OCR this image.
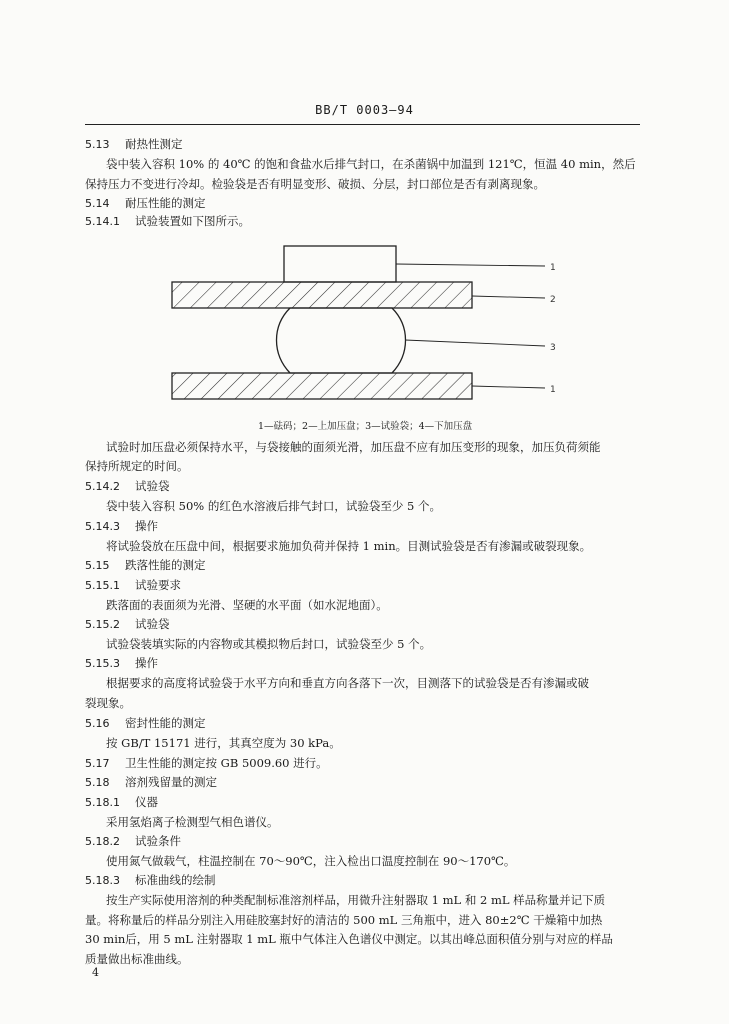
BB/T 0003—94
5.13 耐热性测定
袋中装入容积 10% 的 40℃ 的饱和食盐水后排气封口，在杀菌锅中加温到 121℃，恒温 40 min，然后
保持压力不变进行冷却。检验袋是否有明显变形、破损、分层，封口部位是否有剥离现象。
5.14 耐压性能的测定
5.14.1 试验装置如下图所示。
1
2
3
1
1—砝码；2—上加压盘；3—试验袋；4—下加压盘
试验时加压盘必须保持水平，与袋接触的面须光滑，加压盘不应有加压变形的现象，加压负荷须能
保持所规定的时间。
5.14.2 试验袋
袋中装入容积 50% 的红色水溶液后排气封口，试验袋至少 5 个。
5.14.3 操作
将试验袋放在压盘中间，根据要求施加负荷并保持 1 min。目测试验袋是否有渗漏或破裂现象。
5.15 跌落性能的测定
5.15.1 试验要求
跌落面的表面须为光滑、坚硬的水平面（如水泥地面）。
5.15.2 试验袋
试验袋装填实际的内容物或其模拟物后封口，试验袋至少 5 个。
5.15.3 操作
根据要求的高度将试验袋于水平方向和垂直方向各落下一次，目测落下的试验袋是否有渗漏或破
裂现象。
5.16 密封性能的测定
按 GB/T 15171 进行，其真空度为 30 kPa。
5.17 卫生性能的测定按 GB 5009.60 进行。
5.18 溶剂残留量的测定
5.18.1 仪器
采用氢焰离子检测型气相色谱仪。
5.18.2 试验条件
使用氮气做载气，柱温控制在 70～90℃，注入检出口温度控制在 90～170℃。
5.18.3 标准曲线的绘制
按生产实际使用溶剂的种类配制标准溶剂样品，用微升注射器取 1 mL 和 2 mL 样品称量并记下质
量。将称量后的样品分别注入用硅胶塞封好的清洁的 500 mL 三角瓶中，进入 80±2℃ 干燥箱中加热
30 min后，用 5 mL 注射器取 1 mL 瓶中气体注入色谱仪中测定。以其出峰总面积值分别与对应的样品
质量做出标准曲线。
4
